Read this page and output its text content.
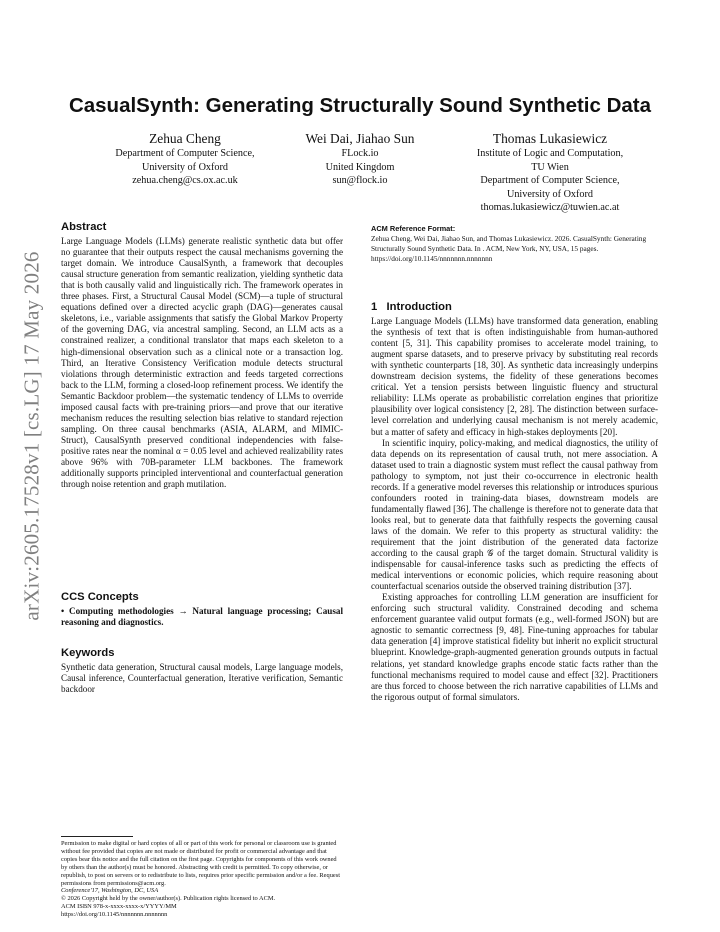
arXiv:2605.17528v1 [cs.LG] 17 May 2026
CasualSynth: Generating Structurally Sound Synthetic Data
Zehua Cheng
Department of Computer Science,
University of Oxford
zehua.cheng@cs.ox.ac.uk
Wei Dai, Jiahao Sun
FLock.io
United Kingdom
sun@flock.io
Thomas Lukasiewicz
Institute of Logic and Computation,
TU Wien
Department of Computer Science,
University of Oxford
thomas.lukasiewicz@tuwien.ac.at
Abstract

Large Language Models (LLMs) generate realistic synthetic data but offer no guarantee that their outputs respect the causal mechanisms governing the target domain. We introduce CausalSynth, a framework that decouples causal structure generation from semantic realization, yielding synthetic data that is both causally valid and linguistically rich. The framework operates in three phases. First, a Structural Causal Model (SCM)—a tuple of structural equations defined over a directed acyclic graph (DAG)—generates causal skeletons, i.e., variable assignments that satisfy the Global Markov Property of the governing DAG, via ancestral sampling. Second, an LLM acts as a constrained realizer, a conditional translator that maps each skeleton to a high-dimensional observation such as a clinical note or a transaction log. Third, an Iterative Consistency Verification module detects structural violations through deterministic extraction and feeds targeted corrections back to the LLM, forming a closed-loop refinement process. We identify the Semantic Backdoor problem—the systematic tendency of LLMs to override imposed causal facts with pre-training priors—and prove that our iterative mechanism reduces the resulting selection bias relative to standard rejection sampling. On three causal benchmarks (ASIA, ALARM, and MIMIC-Struct), CausalSynth preserved conditional independencies with false-positive rates near the nominal α = 0.05 level and achieved realizability rates above 96% with 70B-parameter LLM backbones. The framework additionally supports principled interventional and counterfactual generation through noise retention and graph mutilation.

CCS Concepts

• Computing methodologies → Natural language processing; Causal reasoning and diagnostics.

Keywords

Synthetic data generation, Structural causal models, Large language models, Causal inference, Counterfactual generation, Iterative verification, Semantic backdoor

Permission to make digital or hard copies of all or part of this work for personal or classroom use is granted without fee provided that copies are not made or distributed for profit or commercial advantage and that copies bear this notice and the full citation on the first page. Copyrights for components of this work owned by others than the author(s) must be honored. Abstracting with credit is permitted. To copy otherwise, or republish, to post on servers or to redistribute to lists, requires prior specific permission and/or a fee. Request permissions from permissions@acm.org.

Conference'17, Washington, DC, USA

© 2026 Copyright held by the owner/author(s). Publication rights licensed to ACM.

ACM ISBN 978-x-xxxx-xxxx-x/YYYY/MM

https://doi.org/10.1145/nnnnnnn.nnnnnnn

ACM Reference Format:

Zehua Cheng, Wei Dai, Jiahao Sun, and Thomas Lukasiewicz. 2026. CasualSynth: Generating Structurally Sound Synthetic Data. In . ACM, New York, NY, USA, 15 pages. https://doi.org/10.1145/nnnnnnn.nnnnnnn

1   Introduction

Large Language Models (LLMs) have transformed data generation, enabling the synthesis of text that is often indistinguishable from human-authored content [5, 31]. This capability promises to accelerate model training, to augment sparse datasets, and to preserve privacy by substituting real records with synthetic counterparts [18, 30]. As synthetic data increasingly underpins downstream decision systems, the fidelity of these generations becomes critical. Yet a tension persists between linguistic fluency and structural reliability: LLMs operate as probabilistic correlation engines that prioritize plausibility over logical consistency [2, 28]. The distinction between surface-level correlation and underlying causal mechanism is not merely academic, but a matter of safety and efficacy in high-stakes deployments [20].

In scientific inquiry, policy-making, and medical diagnostics, the utility of data depends on its representation of causal truth, not mere association. A dataset used to train a diagnostic system must reflect the causal pathway from pathology to symptom, not just their co-occurrence in electronic health records. If a generative model reverses this relationship or introduces spurious confounders rooted in training-data biases, downstream models are fundamentally flawed [36]. The challenge is therefore not to generate data that looks real, but to generate data that faithfully respects the governing causal laws of the domain. We refer to this property as structural validity: the requirement that the joint distribution of the generated data factorize according to the causal graph 𝒢 of the target domain. Structural validity is indispensable for causal-inference tasks such as predicting the effects of medical interventions or economic policies, which require reasoning about counterfactual scenarios outside the observed training distribution [37].

Existing approaches for controlling LLM generation are insufficient for enforcing such structural validity. Constrained decoding and schema enforcement guarantee valid output formats (e.g., well-formed JSON) but are agnostic to semantic correctness [9, 48]. Fine-tuning approaches for tabular data generation [4] improve statistical fidelity but inherit no explicit structural blueprint. Knowledge-graph-augmented generation grounds outputs in factual relations, yet standard knowledge graphs encode static facts rather than the functional mechanisms required to model cause and effect [32]. Practitioners are thus forced to choose between the rich narrative capabilities of LLMs and the rigorous output of formal simulators.
